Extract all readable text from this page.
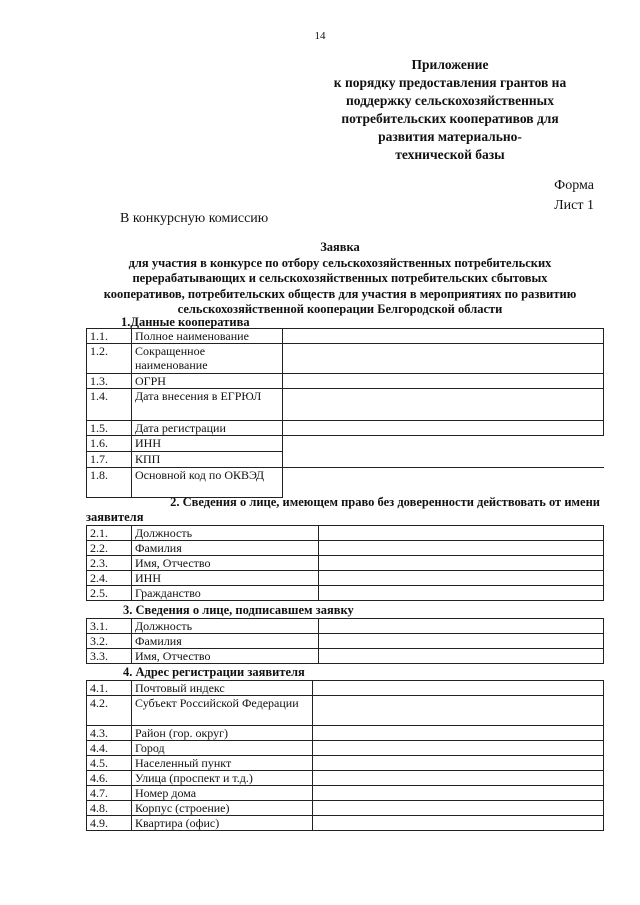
14
Приложение
к порядку предоставления грантов на
поддержку сельскохозяйственных
потребительских кооперативов для
развития материально-
технической базы
Форма
Лист 1
В конкурсную комиссию
Заявка
для участия в конкурсе по отбору сельскохозяйственных потребительских
перерабатывающих и сельскохозяйственных потребительских сбытовых
кооперативов, потребительских обществ для участия в мероприятиях по развитию
сельскохозяйственной кооперации Белгородской области
1.Данные кооператива
1.1.	Полное наименование	
1.2.	Сокращенное наименование	
1.3.	ОГРН	

1.4.	Дата внесения в ЕГРЮЛ	

1.5.	Дата регистрации	
1.6.	ИНН	

1.7.	КПП	

1.8.	Основной код по ОКВЭД	

2. Сведения о лице, имеющем право без доверенности действовать от имени
заявителя
2.1.	Должность	
2.2.	Фамилия	
2.3.	Имя, Отчество	
2.4.	ИНН	
2.5.	Гражданство	
3. Сведения о лице, подписавшем заявку
3.1.	Должность	
3.2.	Фамилия	
3.3.	Имя, Отчество	
4. Адрес регистрации заявителя
4.1.	Почтовый индекс	
4.2.	Субъект Российской Федерации	
4.3.	Район (гор. округ)	
4.4.	Город	
4.5.	Населенный пункт	
4.6.	Улица (проспект и т.д.)	
4.7.	Номер дома	
4.8.	Корпус (строение)	
4.9.	Квартира (офис)	
